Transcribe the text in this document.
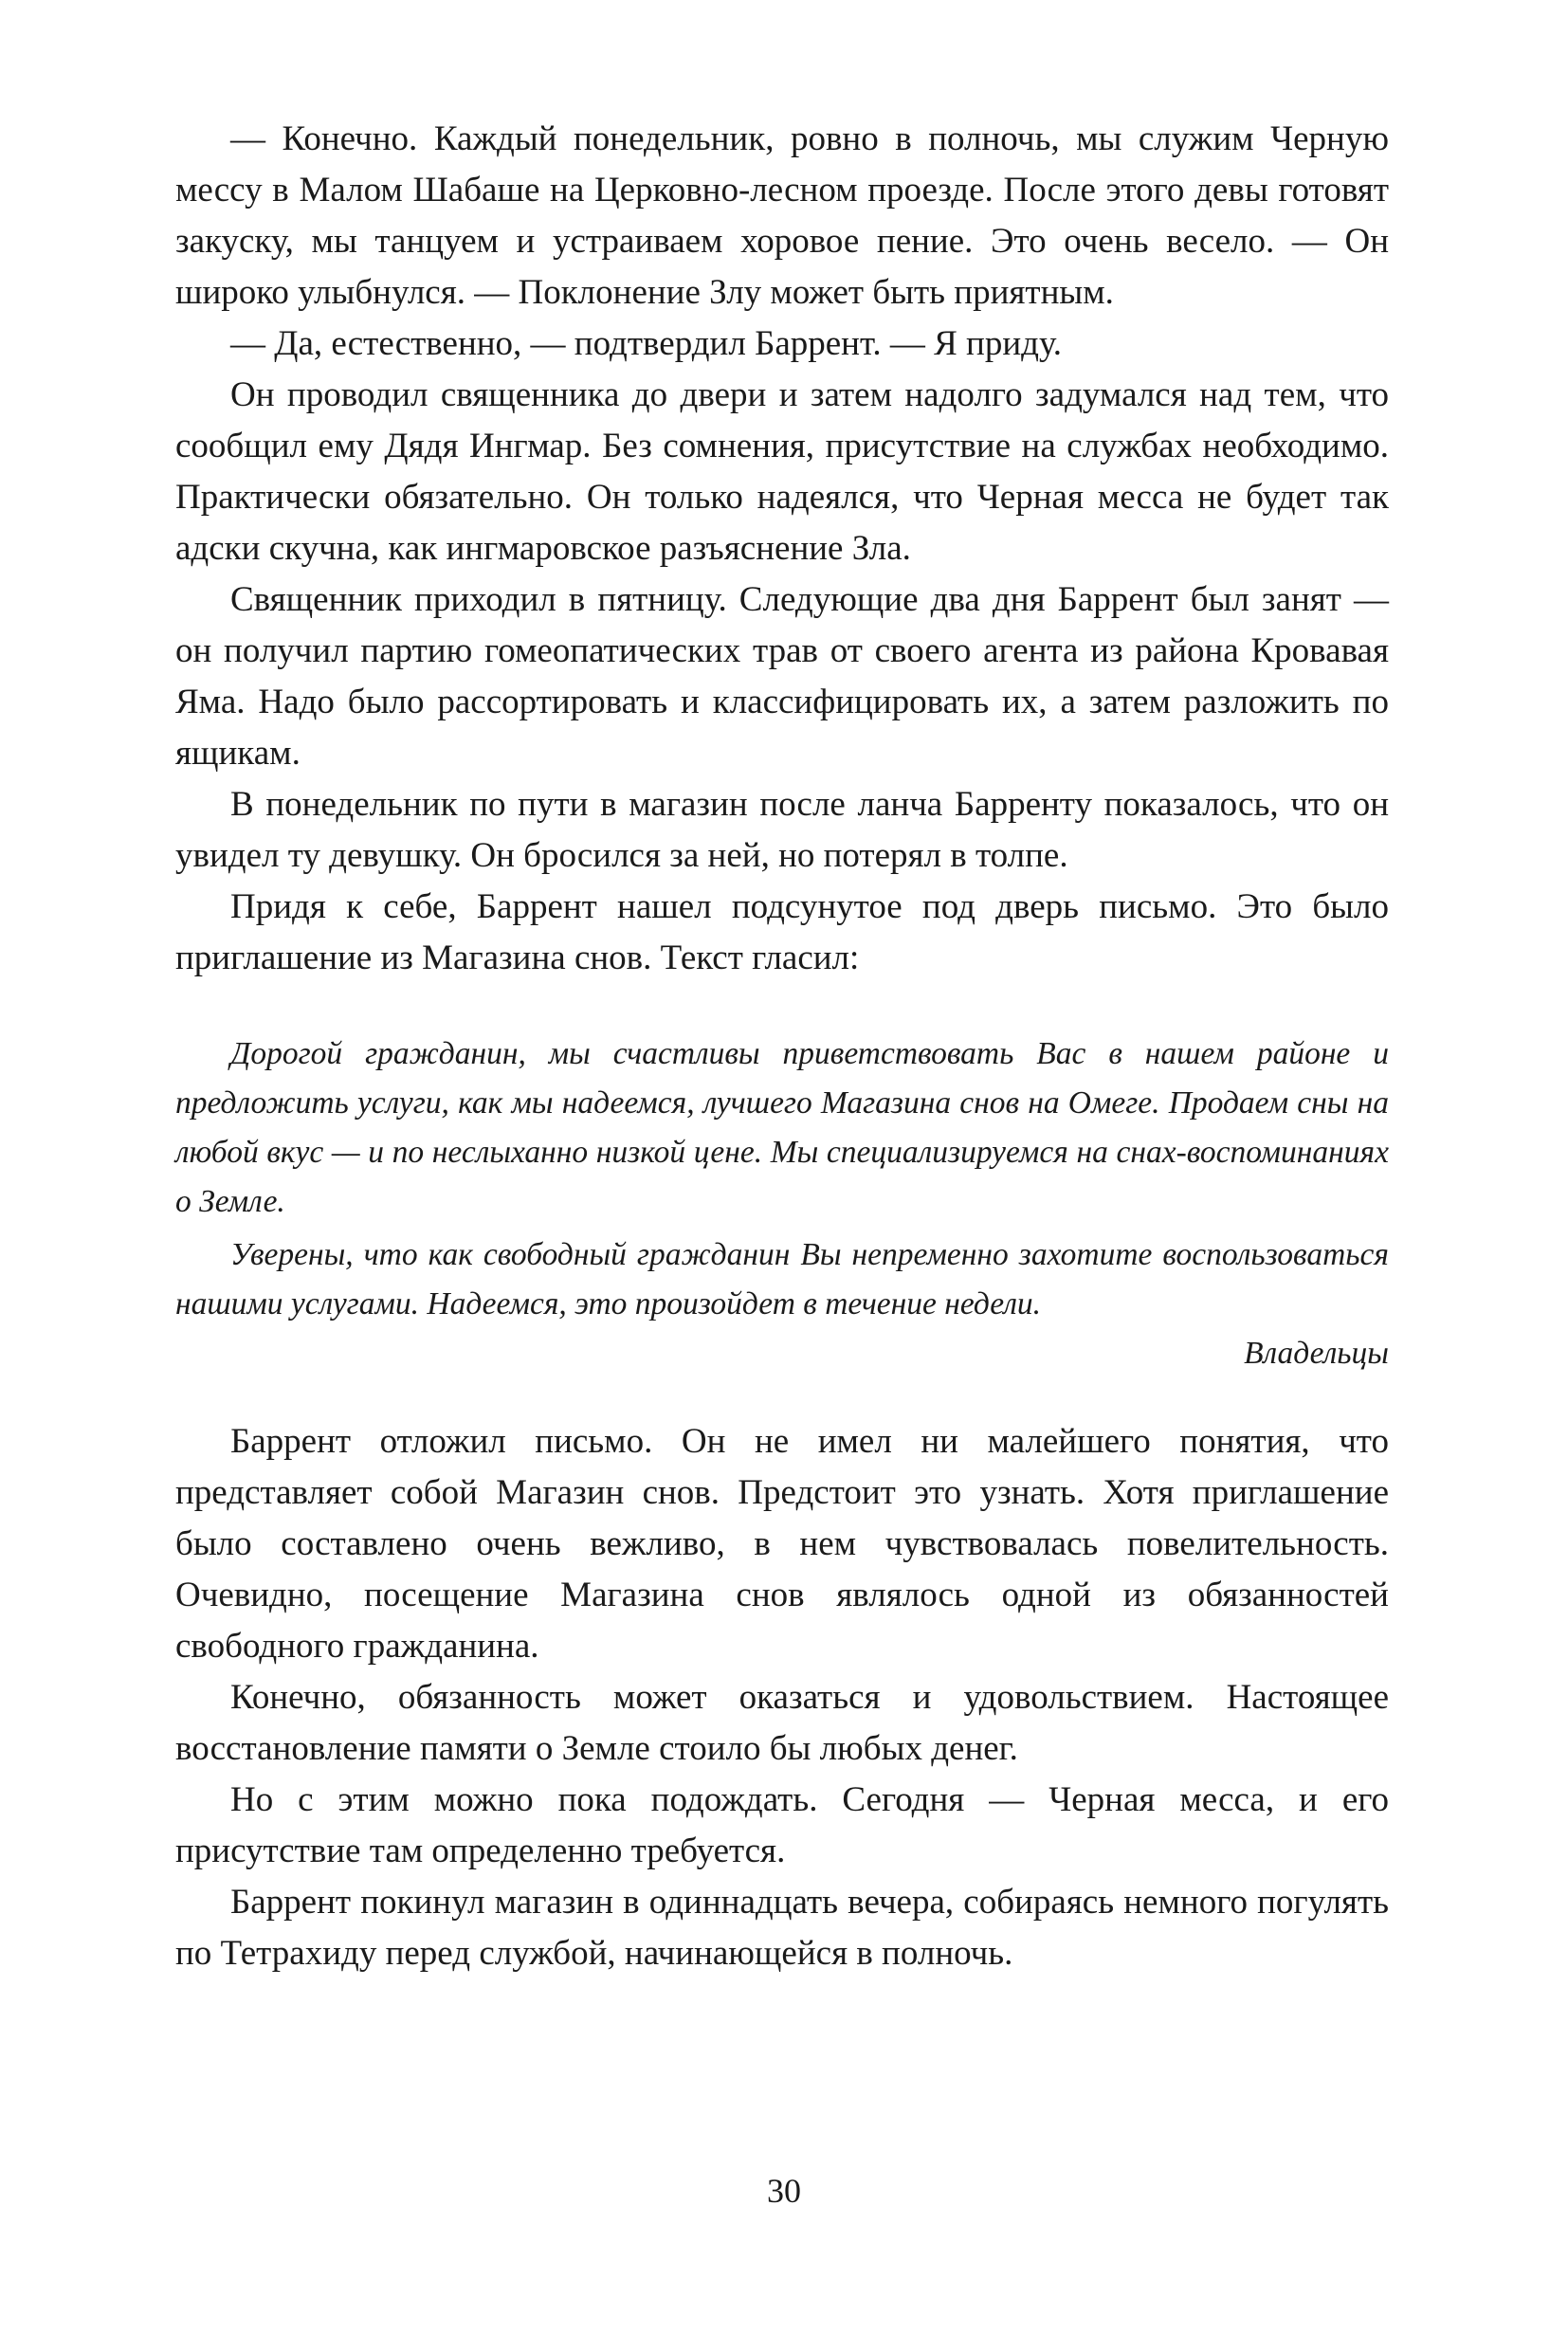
— Конечно. Каждый понедельник, ровно в полночь, мы служим Черную мессу в Малом Шабаше на Церковно-лесном проезде. После этого девы готовят закуску, мы танцуем и устраиваем хоровое пение. Это очень весело. — Он широко улыбнулся. — Поклонение Злу может быть приятным.

— Да, естественно, — подтвердил Баррент. — Я приду.

Он проводил священника до двери и затем надолго задумался над тем, что сообщил ему Дядя Ингмар. Без сомнения, присутствие на службах необходимо. Практически обязательно. Он только надеялся, что Черная месса не будет так адски скучна, как ингмаровское разъяснение Зла.

Священник приходил в пятницу. Следующие два дня Баррент был занят — он получил партию гомеопатических трав от своего агента из района Кровавая Яма. Надо было рассортировать и классифицировать их, а затем разложить по ящикам.

В понедельник по пути в магазин после ланча Барренту показалось, что он увидел ту девушку. Он бросился за ней, но потерял в толпе.

Придя к себе, Баррент нашел подсунутое под дверь письмо. Это было приглашение из Магазина снов. Текст гласил:

Дорогой гражданин, мы счастливы приветствовать Вас в нашем районе и предложить услуги, как мы надеемся, лучшего Магазина снов на Омеге. Продаем сны на любой вкус — и по неслыханно низкой цене. Мы специализируемся на снах-воспоминаниях о Земле.

Уверены, что как свободный гражданин Вы непременно захотите воспользоваться нашими услугами. Надеемся, это произойдет в течение недели.

Владельцы

Баррент отложил письмо. Он не имел ни малейшего понятия, что представляет собой Магазин снов. Предстоит это узнать. Хотя приглашение было составлено очень вежливо, в нем чувствовалась повелительность. Очевидно, посещение Магазина снов являлось одной из обязанностей свободного гражданина.

Конечно, обязанность может оказаться и удовольствием. Настоящее восстановление памяти о Земле стоило бы любых денег.

Но с этим можно пока подождать. Сегодня — Черная месса, и его присутствие там определенно требуется.

Баррент покинул магазин в одиннадцать вечера, собираясь немного погулять по Тетрахиду перед службой, начинающейся в полночь.

30
